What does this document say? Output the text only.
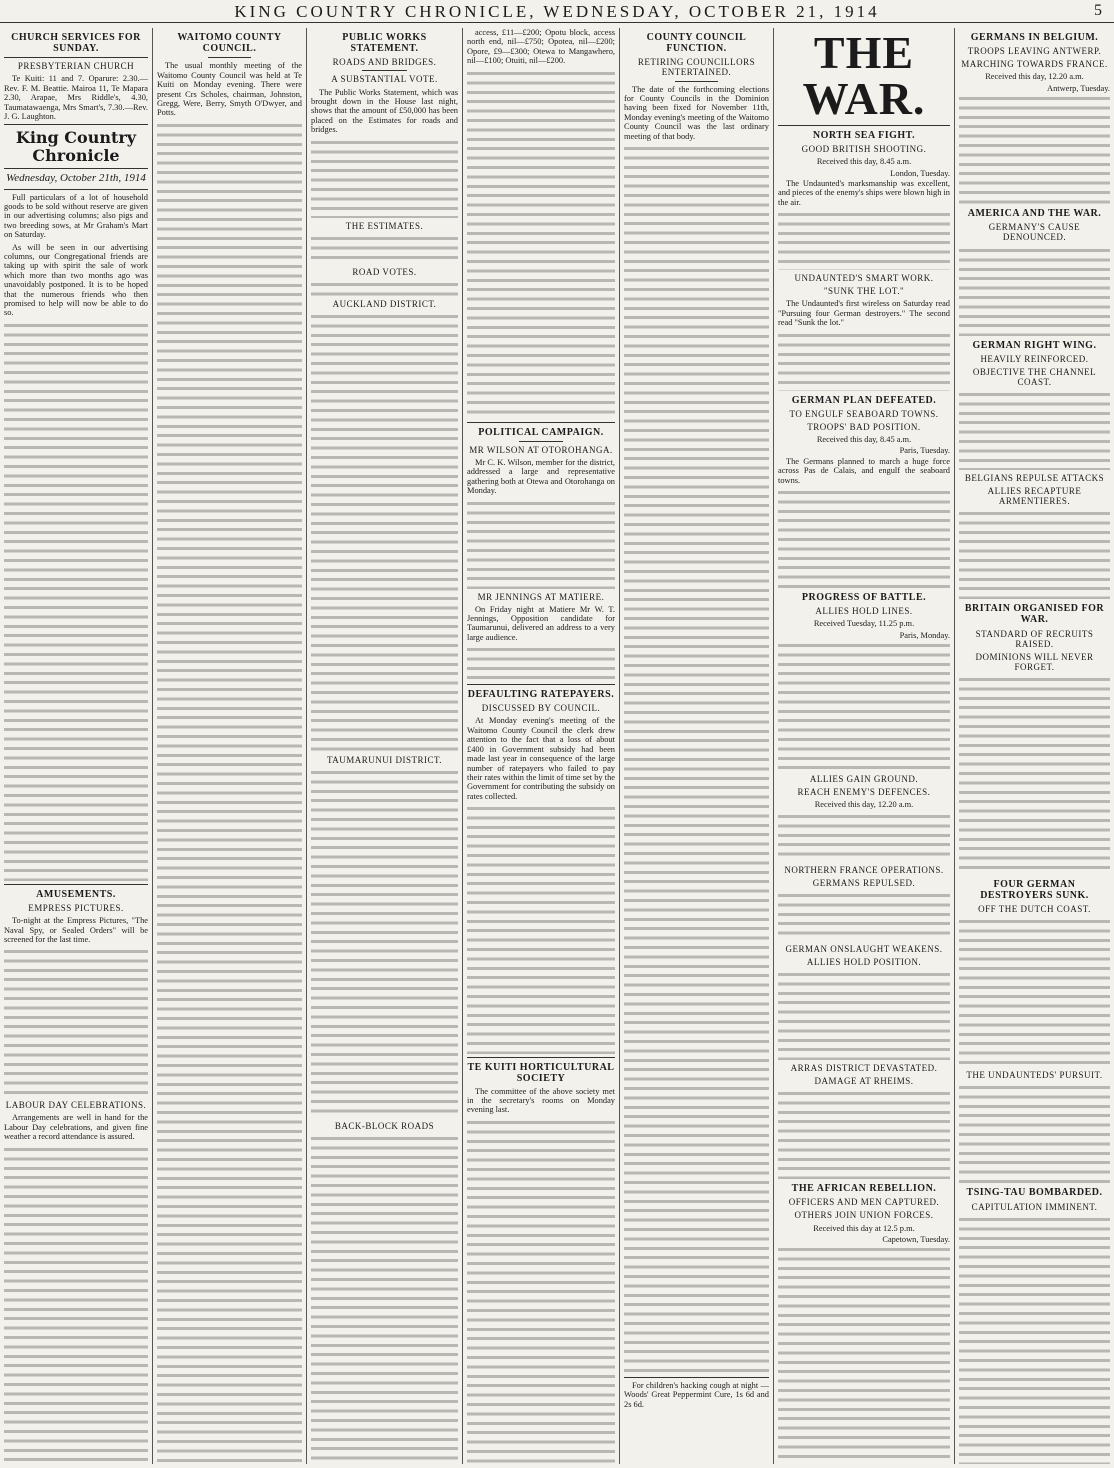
KING COUNTRY CHRONICLE, WEDNESDAY, OCTOBER 21, 1914	5
CHURCH SERVICES FOR SUNDAY.
PRESBYTERIAN CHURCH

Te Kuiti: 11 and 7. Oparure: 2.30.—Rev. F. M. Beattie. Mairoa 11, Te Mapara 2.30, Arapae, Mrs Riddle's, 4.30, Taumatawaenga, Mrs Smart's, 7.30.—Rev. J. G. Laughton.

King Country Chronicle
Wednesday, October 21th, 1914

Full particulars of a lot of household goods to be sold without reserve are given in our advertising columns; also pigs and two breeding sows, at Mr Graham's Mart on Saturday.

As will be seen in our advertising columns, our Congregational friends are taking up with spirit the sale of work which more than two months ago was unavoidably postponed. It is to be hoped that the numerous friends who then promised to help will now be able to do so.

AMUSEMENTS.
EMPRESS PICTURES.

To-night at the Empress Pictures, "The Naval Spy, or Sealed Orders" will be screened for the last time.

LABOUR DAY CELEBRATIONS.

Arrangements are well in hand for the Labour Day celebrations, and given fine weather a record attendance is assured.

WAITOMO COUNTY COUNCIL.

The usual monthly meeting of the Waitomo County Council was held at Te Kuiti on Monday evening. There were present Crs Scholes, chairman, Johnston, Gregg, Were, Berry, Smyth O'Dwyer, and Potts.

PUBLIC WORKS STATEMENT.
ROADS AND BRIDGES.
A SUBSTANTIAL VOTE.

The Public Works Statement, which was brought down in the House last night, shows that the amount of £50,000 has been placed on the Estimates for roads and bridges.

THE ESTIMATES.
ROAD VOTES.
AUCKLAND DISTRICT.
TAUMARUNUI DISTRICT.
BACK-BLOCK ROADS

access, £11—£200; Opotu block, access north end, nil—£750; Opotea, nil—£200; Opore, £9—£300; Otewa to Mangawhero, nil—£100; Otuiti, nil—£200.

POLITICAL CAMPAIGN.
MR WILSON AT OTOROHANGA.

Mr C. K. Wilson, member for the district, addressed a large and representative gathering both at Otewa and Otorohanga on Monday.

MR JENNINGS AT MATIERE.

On Friday night at Matiere Mr W. T. Jennings, Opposition candidate for Taumarunui, delivered an address to a very large audience.

DEFAULTING RATEPAYERS.
DISCUSSED BY COUNCIL.

At Monday evening's meeting of the Waitomo County Council the clerk drew attention to the fact that a loss of about £400 in Government subsidy had been made last year in consequence of the large number of ratepayers who failed to pay their rates within the limit of time set by the Government for contributing the subsidy on rates collected.

TE KUITI HORTICULTURAL SOCIETY

The committee of the above society met in the secretary's rooms on Monday evening last.

COUNTY COUNCIL FUNCTION.
RETIRING COUNCILLORS ENTERTAINED.

The date of the forthcoming elections for County Councils in the Dominion having been fixed for November 11th, Monday evening's meeting of the Waitomo County Council was the last ordinary meeting of that body.

For children's hacking cough at night — Woods' Great Peppermint Cure, 1s 6d and 2s 6d.

THE WAR.
NORTH SEA FIGHT.
GOOD BRITISH SHOOTING.
Received this day, 8.45 a.m.
London, Tuesday.

The Undaunted's marksmanship was excellent, and pieces of the enemy's ships were blown high in the air.

UNDAUNTED'S SMART WORK.
"SUNK THE LOT."

The Undaunted's first wireless on Saturday read "Pursuing four German destroyers." The second read "Sunk the lot."

GERMAN PLAN DEFEATED.
TO ENGULF SEABOARD TOWNS.
TROOPS' BAD POSITION.
Received this day, 8.45 a.m.
Paris, Tuesday.

The Germans planned to march a huge force across Pas de Calais, and engulf the seaboard towns.

PROGRESS OF BATTLE.
ALLIES HOLD LINES.
Received Tuesday, 11.25 p.m.
Paris, Monday.
ALLIES GAIN GROUND.
REACH ENEMY'S DEFENCES.
Received this day, 12.20 a.m.
NORTHERN FRANCE OPERATIONS.
GERMANS REPULSED.
GERMAN ONSLAUGHT WEAKENS.
ALLIES HOLD POSITION.
ARRAS DISTRICT DEVASTATED.
DAMAGE AT RHEIMS.
THE AFRICAN REBELLION.
OFFICERS AND MEN CAPTURED.
OTHERS JOIN UNION FORCES.
Received this day at 12.5 p.m.
Capetown, Tuesday.
GERMANS IN BELGIUM.
TROOPS LEAVING ANTWERP.
MARCHING TOWARDS FRANCE.
Received this day, 12.20 a.m.
Antwerp, Tuesday.
AMERICA AND THE WAR.
GERMANY'S CAUSE DENOUNCED.
GERMAN RIGHT WING.
HEAVILY REINFORCED.
OBJECTIVE THE CHANNEL COAST.
BELGIANS REPULSE ATTACKS
ALLIES RECAPTURE ARMENTIERES.
BRITAIN ORGANISED FOR WAR.
STANDARD OF RECRUITS RAISED.
DOMINIONS WILL NEVER FORGET.
FOUR GERMAN DESTROYERS SUNK.
OFF THE DUTCH COAST.
THE UNDAUNTEDS' PURSUIT.
TSING-TAU BOMBARDED.
CAPITULATION IMMINENT.
